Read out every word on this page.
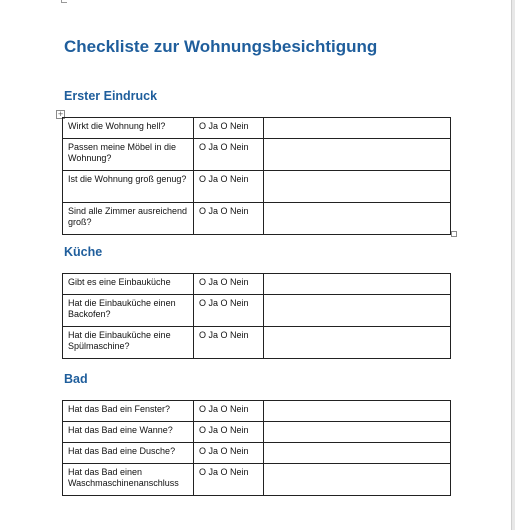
Checkliste zur Wohnungsbesichtigung
Erster Eindruck
+
Wirkt die Wohnung hell?	O Ja O Nein	
Passen meine Möbel in die Wohnung?	O Ja O Nein	
Ist die Wohnung groß genug?	O Ja O Nein	
Sind alle Zimmer ausreichend groß?	O Ja O Nein	
Küche
Gibt es eine Einbauküche	O Ja O Nein	
Hat die Einbauküche einen Backofen?	O Ja O Nein	
Hat die Einbauküche eine Spülmaschine?	O Ja O Nein	
Bad
Hat das Bad ein Fenster?	O Ja O Nein	
Hat das Bad eine Wanne?	O Ja O Nein	
Hat das Bad eine Dusche?	O Ja O Nein	
Hat das Bad einen Waschmaschinenanschluss	O Ja O Nein	
